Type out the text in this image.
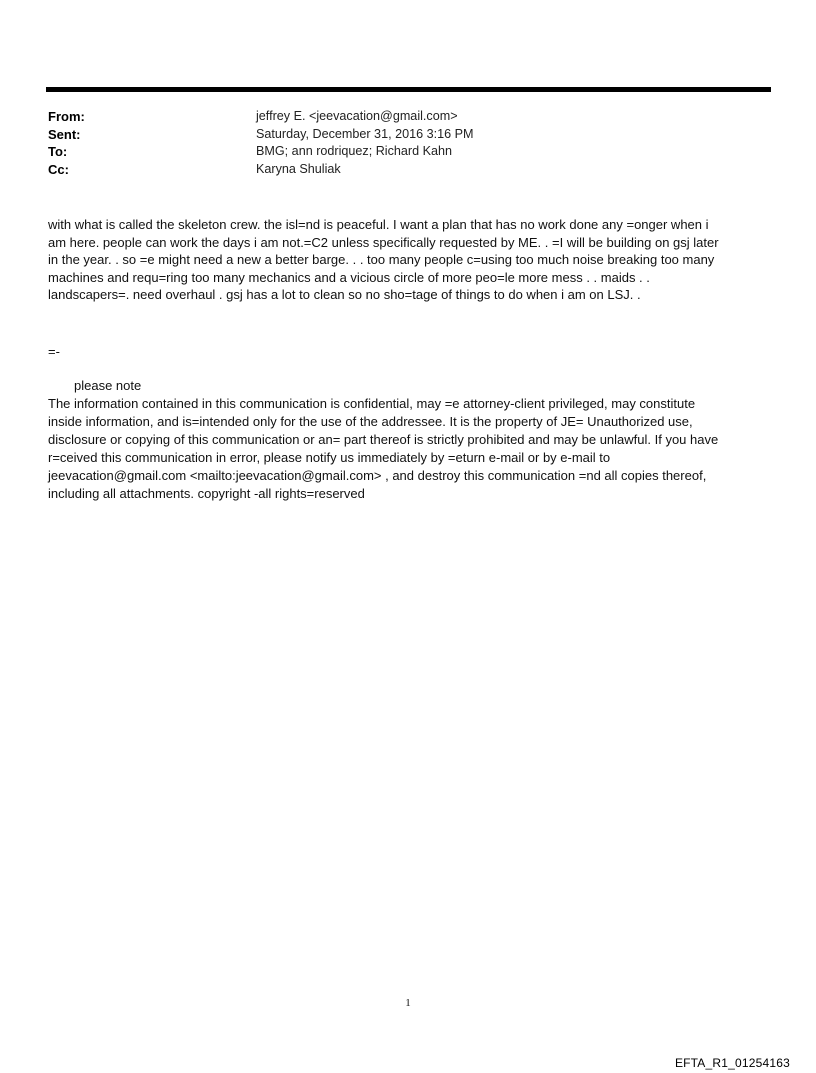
From:	jeffrey E. <jeevacation@gmail.com>
Sent:	Saturday, December 31, 2016 3:16 PM
To:	BMG; ann rodriquez; Richard Kahn
Cc:	Karyna Shuliak
with what is called the skeleton crew. the isl=nd is peaceful. I want a plan that has no work done any =onger when i
am here. people can work the days i am not.=C2 unless specifically requested by ME. . =I will be building on gsj later
in the year. . so =e might need a new a better barge. . . too many people c=using too much noise breaking too many
machines and requ=ring too many mechanics and a vicious circle of more peo=le more mess . . maids . .
landscapers=. need overhaul . gsj has a lot to clean so no sho=tage of things to do when i am on LSJ. .
=-
please note
The information contained in this communication is confidential, may =e attorney-client privileged, may constitute
inside information, and is=intended only for the use of the addressee. It is the property of JE= Unauthorized use,
disclosure or copying of this communication or an= part thereof is strictly prohibited and may be unlawful. If you have
r=ceived this communication in error, please notify us immediately by =eturn e-mail or by e-mail to
jeevacation@gmail.com <mailto:jeevacation@gmail.com> , and destroy this communication =nd all copies thereof,
including all attachments. copyright -all rights=reserved
1
EFTA_R1_01254163
